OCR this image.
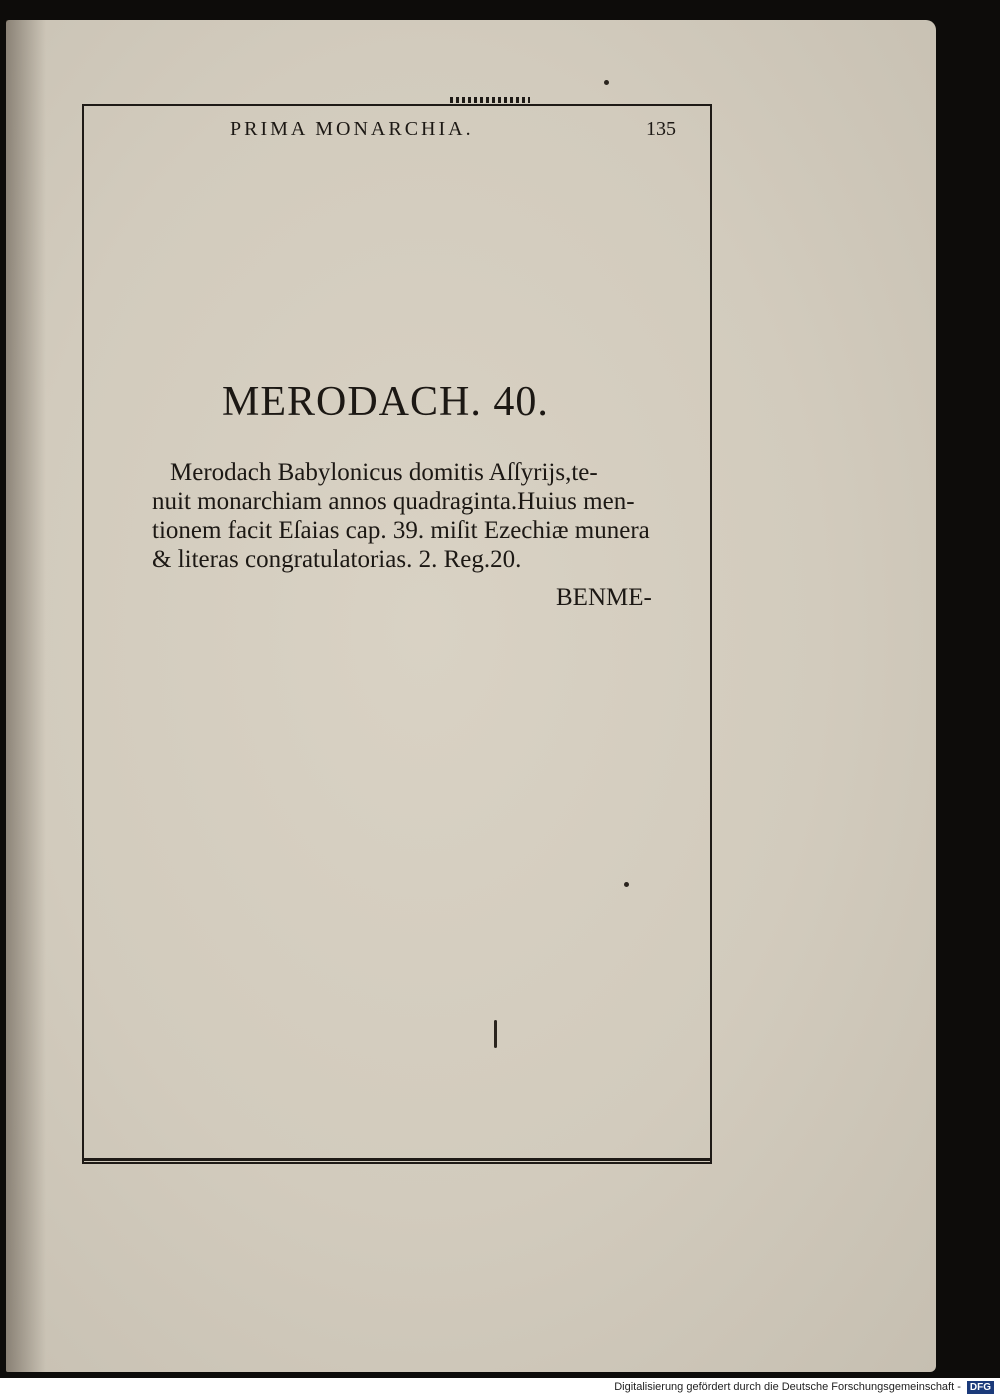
PRIMA MONARCHIA.	135
MERODACH. 40.
Merodach Babylonicus domitis Aſſyrijs,te-
nuit monarchiam annos quadraginta.Huius men-
tionem facit Eſaias cap. 39. miſit Ezechiæ munera
& literas congratulatorias. 2. Reg.20.
BENME-
Digitalisierung gefördert durch die Deutsche Forschungsgemeinschaft - DFG
